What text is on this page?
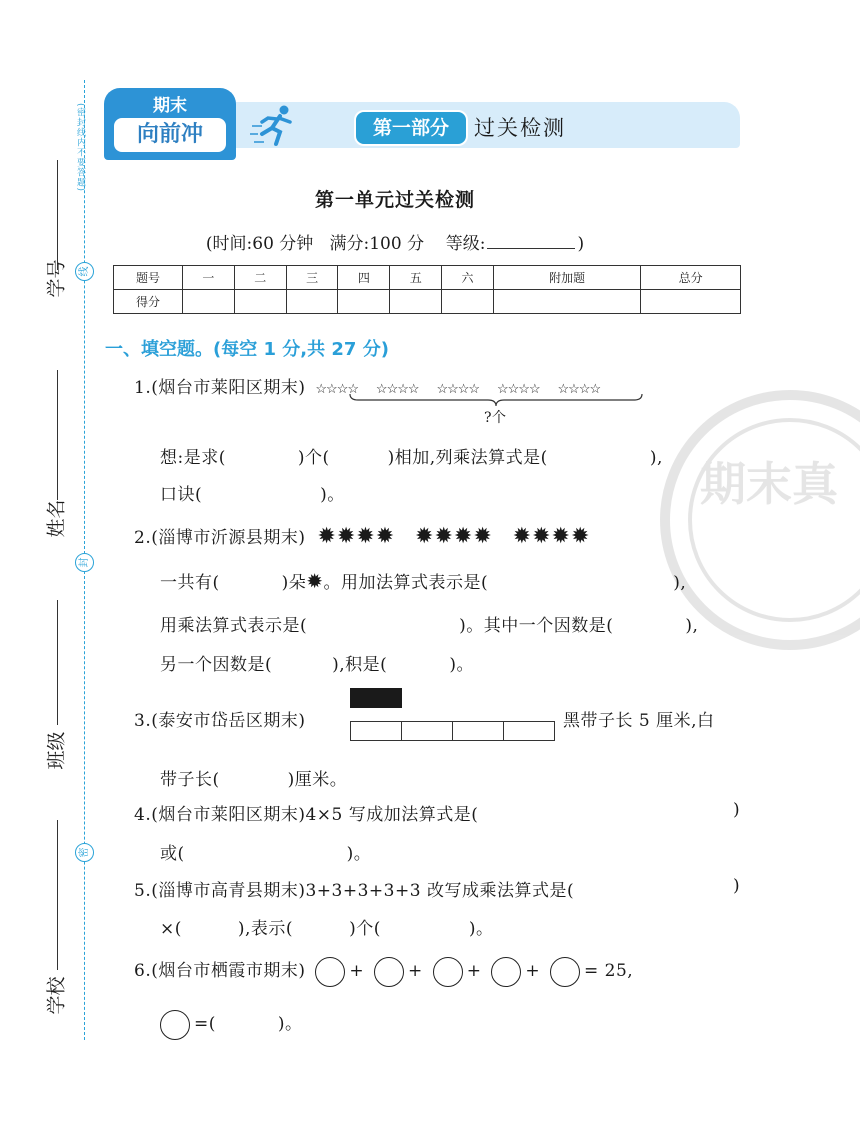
(密封线内不要答题)
学号	线
姓名
封
班级
密
学校
期末
向前冲	第一部分	过关检测
期末真
第一单元过关检测
(时间:60 分钟 满分:100 分 等级:	)
题号	一	二	三	四	五	六	附加题	总分
得分								
一、填空题。(每空 1 分,共 27 分)
1.(烟台市莱阳区期末) ☆☆☆☆ ☆☆☆☆ ☆☆☆☆ ☆☆☆☆ ☆☆☆☆
?个
想:是求(	)个(	)相加,列乘法算式是(	),
口诀(	)。
2.(淄博市沂源县期末) ✹✹✹✹ ✹✹✹✹ ✹✹✹✹
一共有(	)朵✹。用加法算式表示是(	),
用乘法算式表示是(	)。其中一个因数是(	),
另一个因数是(	),积是(	)。
3.(泰安市岱岳区期末)	黑带子长 5 厘米,白
带子长(	)厘米。
4.(烟台市莱阳区期末)4×5 写成加法算式是(	)
或(	)。
5.(淄博市高青县期末)3+3+3+3+3 改写成乘法算式是(	)
×(	),表示(	)个(	)。
6.(烟台市栖霞市期末)	+	+	+	+	= 25,
=(	)。
